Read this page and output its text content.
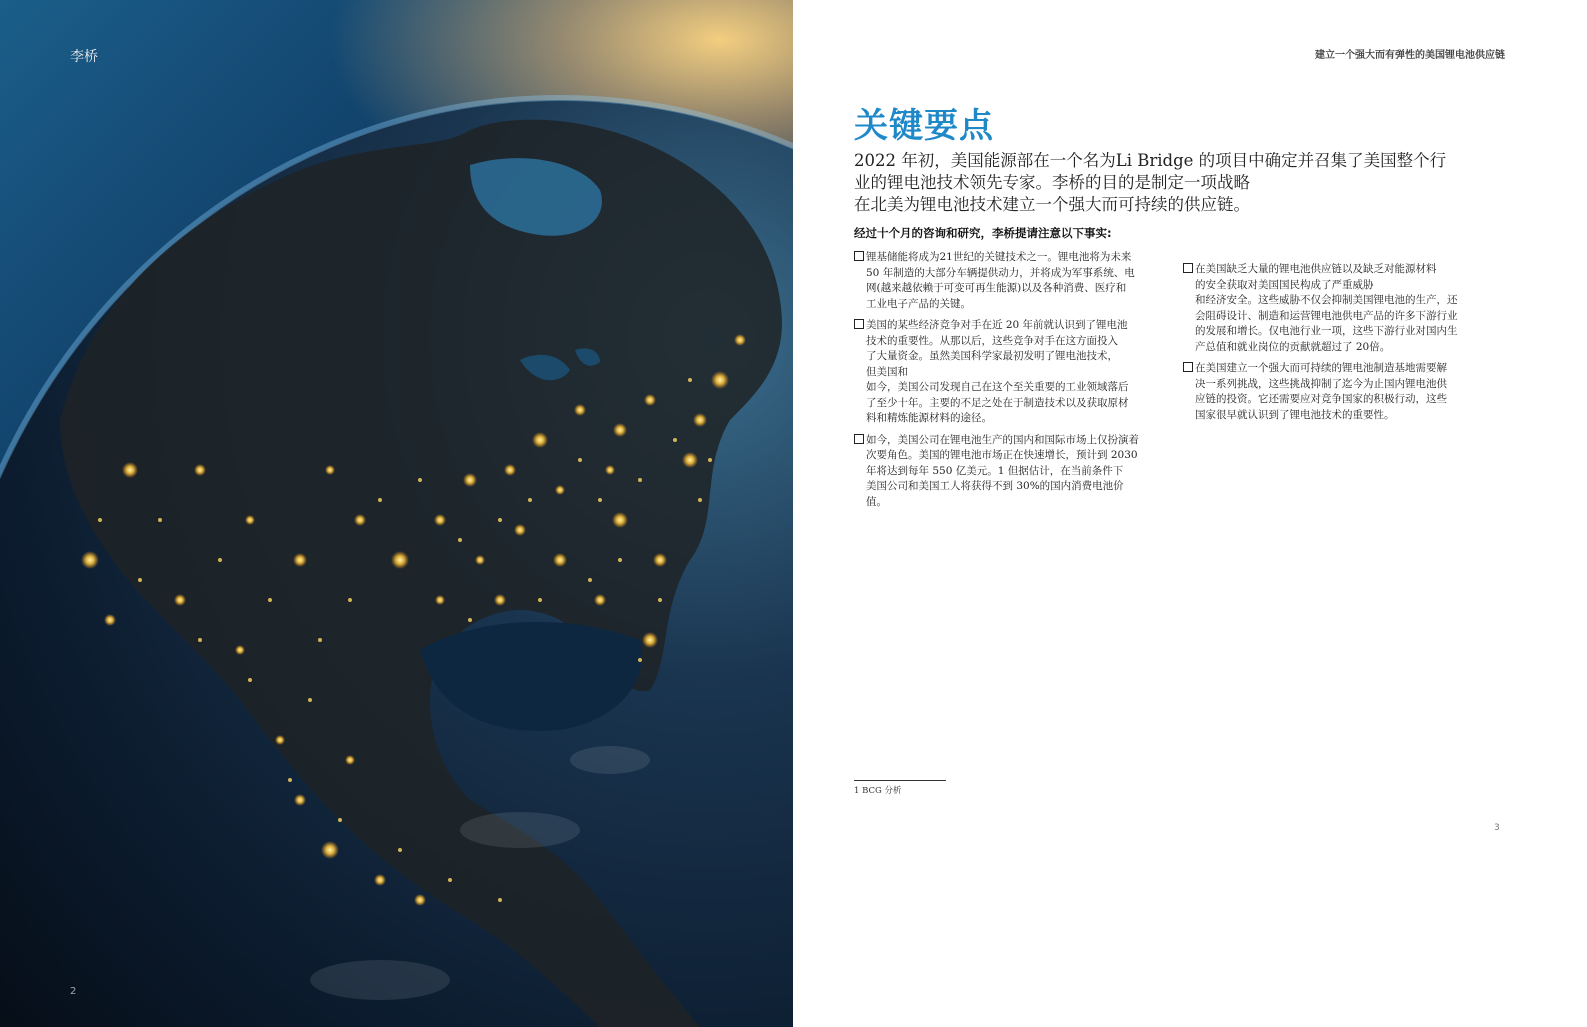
李桥
2
建立一个强大而有弹性的美国锂电池供应链
关键要点
2022 年初，美国能源部在一个名为Li Bridge 的项目中确定并召集了美国整个行
业的锂电池技术领先专家。李桥的目的是制定一项战略
在北美为锂电池技术建立一个强大而可持续的供应链。
经过十个月的咨询和研究，李桥提请注意以下事实:
锂基储能将成为21世纪的关键技术之一。锂电池将为未来
50 年制造的大部分车辆提供动力，并将成为军事系统、电
网(越来越依赖于可变可再生能源)以及各种消费、医疗和
工业电子产品的关键。
美国的某些经济竞争对手在近 20 年前就认识到了锂电池
技术的重要性。从那以后，这些竞争对手在这方面投入
了大量资金。虽然美国科学家最初发明了锂电池技术，
但美国和
如今，美国公司发现自己在这个至关重要的工业领域落后
了至少十年。主要的不足之处在于制造技术以及获取原材
料和精炼能源材料的途径。
如今，美国公司在锂电池生产的国内和国际市场上仅扮演着
次要角色。美国的锂电池市场正在快速增长，预计到 2030
年将达到每年 550 亿美元。1 但据估计，在当前条件下
美国公司和美国工人将获得不到 30%的国内消费电池价
值。
在美国缺乏大量的锂电池供应链以及缺乏对能源材料
的安全获取对美国国民构成了严重威胁
和经济安全。这些威胁不仅会抑制美国锂电池的生产，还
会阻碍设计、制造和运营锂电池供电产品的许多下游行业
的发展和增长。仅电池行业一项，这些下游行业对国内生
产总值和就业岗位的贡献就超过了 20倍。
在美国建立一个强大而可持续的锂电池制造基地需要解
决一系列挑战，这些挑战抑制了迄今为止国内锂电池供
应链的投资。它还需要应对竞争国家的积极行动，这些
国家很早就认识到了锂电池技术的重要性。
1 BCG 分析
3
